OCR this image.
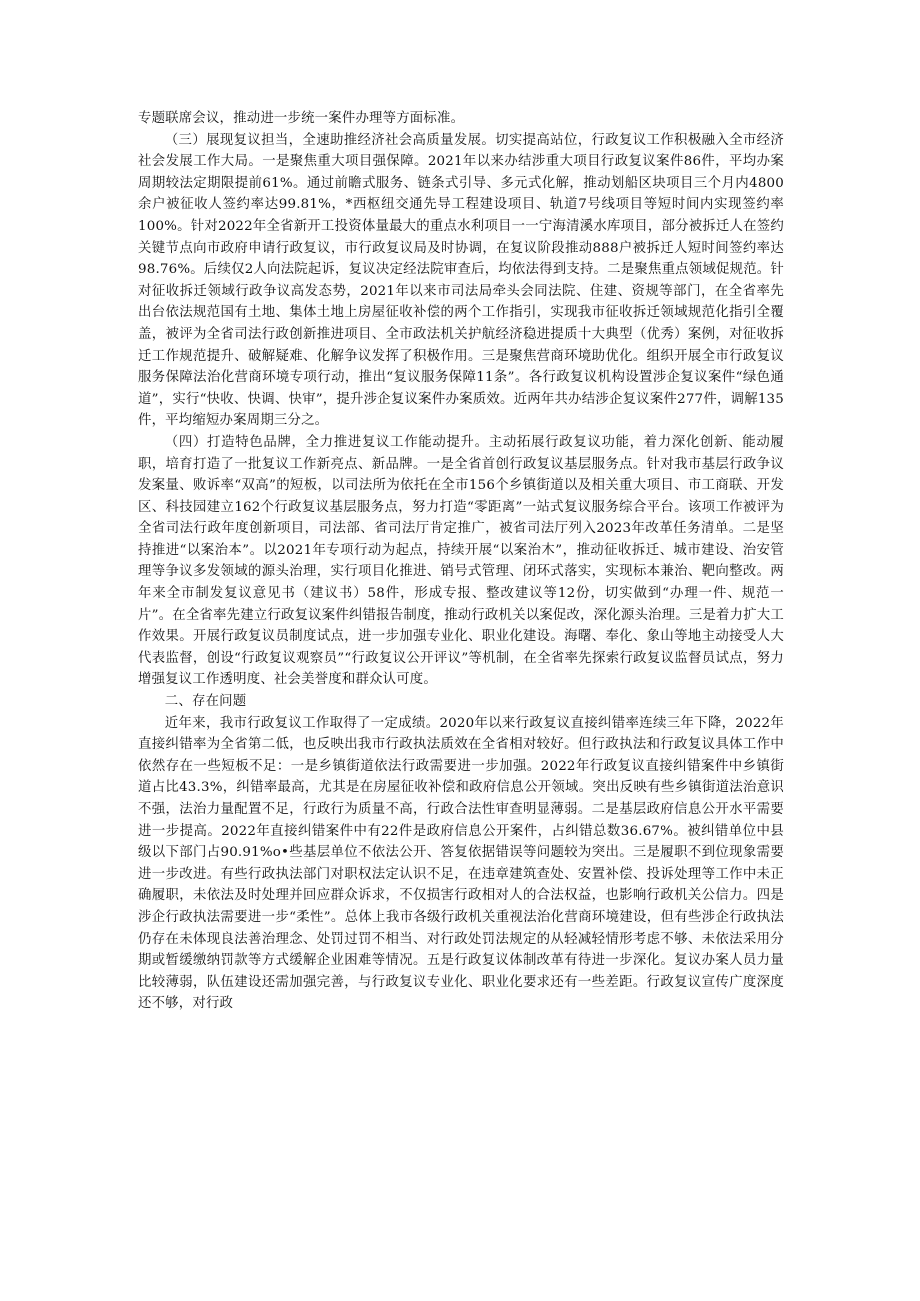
专题联席会议，推动进一步统一案件办理等方面标准。

（三）展现复议担当，全速助推经济社会高质量发展。切实提高站位，行政复议工作积极融入全市经济社会发展工作大局。一是聚焦重大项目强保障。2021年以来办结涉重大项目行政复议案件86件，平均办案周期较法定期限提前61%。通过前瞻式服务、链条式引导、多元式化解，推动划船区块项目三个月内4800余户被征收人签约率达99.81%，*西枢纽交通先导工程建设项目、轨道7号线项目等短时间内实现签约率100%。针对2022年全省新开工投资体量最大的重点水利项目一一宁海清溪水库项目，部分被拆迁人在签约关键节点向市政府申请行政复议，市行政复议局及时协调，在复议阶段推动888户被拆迁人短时间签约率达98.76%。后续仅2人向法院起诉，复议决定经法院审查后，均依法得到支持。二是聚焦重点领域促规范。针对征收拆迁领域行政争议高发态势，2021年以来市司法局牵头会同法院、住建、资规等部门，在全省率先出台依法规范国有土地、集体土地上房屋征收补偿的两个工作指引，实现我市征收拆迁领域规范化指引全覆盖，被评为全省司法行政创新推进项目、全市政法机关护航经济稳进提质十大典型（优秀）案例，对征收拆迁工作规范提升、破解疑难、化解争议发挥了积极作用。三是聚焦营商环境助优化。组织开展全市行政复议服务保障法治化营商环境专项行动，推出“复议服务保障11条”。各行政复议机构设置涉企复议案件“绿色通道”，实行“快收、快调、快审”，提升涉企复议案件办案质效。近两年共办结涉企复议案件277件，调解135件，平均缩短办案周期三分之。

（四）打造特色品牌，全力推进复议工作能动提升。主动拓展行政复议功能，着力深化创新、能动履职，培育打造了一批复议工作新亮点、新品牌。一是全省首创行政复议基层服务点。针对我市基层行政争议发案量、败诉率“双高”的短板，以司法所为依托在全市156个乡镇街道以及相关重大项目、市工商联、开发区、科技园建立162个行政复议基层服务点，努力打造“零距离”一站式复议服务综合平台。该项工作被评为全省司法行政年度创新项目，司法部、省司法厅肯定推广，被省司法厅列入2023年改革任务清单。二是坚持推进“以案治本”。以2021年专项行动为起点，持续开展“以案治木”，推动征收拆迁、城市建设、治安管理等争议多发领域的源头治理，实行项目化推进、销号式管理、闭环式落实，实现标本兼治、靶向整改。两年来全市制发复议意见书（建议书）58件，形成专报、整改建议等12份，切实做到“办理一件、规范一片”。在全省率先建立行政复议案件纠错报告制度，推动行政机关以案促改，深化源头治理。三是着力扩大工作效果。开展行政复议员制度试点，进一步加强专业化、职业化建设。海曙、奉化、象山等地主动接受人大代表监督，创设“行政复议观察员”“行政复议公开评议”等机制，在全省率先探索行政复议监督员试点，努力增强复议工作透明度、社会美誉度和群众认可度。

二、存在问题

近年来，我市行政复议工作取得了一定成绩。2020年以来行政复议直接纠错率连续三年下降，2022年直接纠错率为全省第二低，也反映出我市行政执法质效在全省相对较好。但行政执法和行政复议具体工作中依然存在一些短板不足：一是乡镇街道依法行政需要进一步加强。2022年行政复议直接纠错案件中乡镇街道占比43.3%，纠错率最高，尤其是在房屋征收补偿和政府信息公开领域。突出反映有些乡镇街道法治意识不强，法治力量配置不足，行政行为质量不高，行政合法性审查明显薄弱。二是基层政府信息公开水平需要进一步提高。2022年直接纠错案件中有22件是政府信息公开案件，占纠错总数36.67%。被纠错单位中县级以下部门占90.91%o•些基层单位不依法公开、答复依据错误等问题较为突出。三是履职不到位现象需要进一步改进。有些行政执法部门对职权法定认识不足，在违章建筑查处、安置补偿、投诉处理等工作中未正确履职，未依法及时处理并回应群众诉求，不仅损害行政相对人的合法权益，也影响行政机关公信力。四是涉企行政执法需要进一步“柔性”。总体上我市各级行政机关重视法治化营商环境建设，但有些涉企行政执法仍存在未体现良法善治理念、处罚过罚不相当、对行政处罚法规定的从轻减轻情形考虑不够、未依法采用分期或暂缓缴纳罚款等方式缓解企业困难等情况。五是行政复议体制改革有待进一步深化。复议办案人员力量比较薄弱，队伍建设还需加强完善，与行政复议专业化、职业化要求还有一些差距。行政复议宣传广度深度还不够，对行政
